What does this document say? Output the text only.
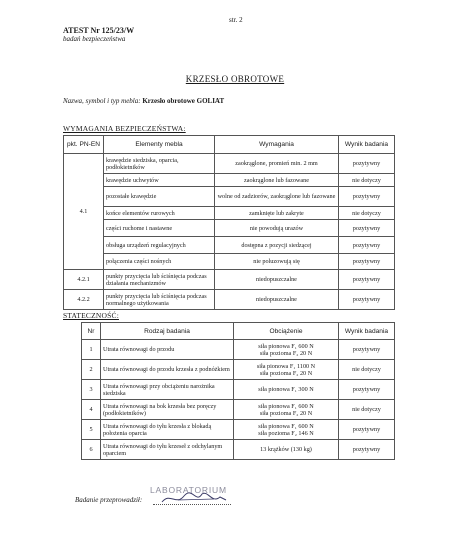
str. 2
ATEST Nr 125/23/W
badań bezpieczeństwa
KRZESŁO OBROTOWE
Nazwa, symbol i typ mebla: Krzesło obrotowe GOLIAT
WYMAGANIA BEZPIECZEŃSTWA:
pkt. PN-EN	Elementy mebla	Wymagania	Wynik badania
4.1	krawędzie siedziska, oparcia, podłokietników	zaokrąglone, promień min. 2 mm	pozytywny
	krawędzie uchwytów	zaokrąglone lub fazowane	nie dotyczy
	pozostałe krawędzie	wolne od zadziorów, zaokrąglone lub fazowane	pozytywny
	końce elementów rurowych	zamknięte lub zakryte	nie dotyczy
	części ruchome i nastawne	nie powodują urazów	pozytywny
	obsługa urządzeń regulacyjnych	dostępna z pozycji siedzącej	pozytywny
	połączenia części nośnych	nie poluzowują się	pozytywny
4.2.1	punkty przycięcia lub ściśnięcia podczas działania mechanizmów	niedopuszczalne	pozytywny
4.2.2	punkty przycięcia lub ściśnięcia podczas normalnego użytkowania	niedopuszczalne	pozytywny
STATECZNOŚĆ:
Nr	Rodzaj badania	Obciążenie	Wynik badania
1	Utrata równowagi do przodu	siła pionowa F₁ 600 N
siła pozioma F₂ 20 N	pozytywny
2	Utrata równowagi do przodu krzesła z podnóżkiem	siła pionowa F₁ 1100 N
siła pozioma F₂ 20 N	nie dotyczy
3	Utrata równowagi przy obciążeniu narożnika siedziska	siła pionowa F₁ 300 N	pozytywny
4	Utrata równowagi na bok krzesła bez poręczy (podłokietników)	siła pionowa F₁ 600 N
siła pozioma F₂ 20 N	nie dotyczy
5	Utrata równowagi do tyłu krzesła z blokadą położenia oparcia	siła pionowa F₁ 600 N
siła pozioma F₂ 146 N	pozytywny
6	Utrata równowagi do tyłu krzeseł z odchylanym oparciem	13 krążków (130 kg)	pozytywny
LABORATORIUM
Badanie przeprowadził:
